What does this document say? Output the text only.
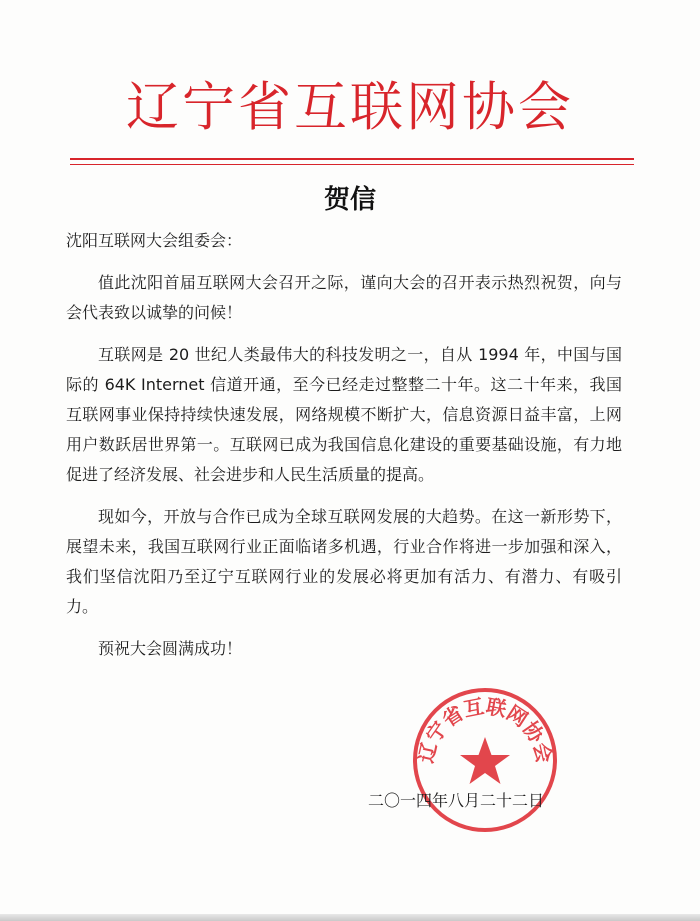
辽宁省互联网协会
贺信

沈阳互联网大会组委会：

值此沈阳首届互联网大会召开之际，谨向大会的召开表示热烈祝贺，向与会代表致以诚挚的问候！

互联网是 20 世纪人类最伟大的科技发明之一，自从 1994 年，中国与国际的 64K Internet 信道开通，至今已经走过整整二十年。这二十年来，我国互联网事业保持持续快速发展，网络规模不断扩大，信息资源日益丰富，上网用户数跃居世界第一。互联网已成为我国信息化建设的重要基础设施，有力地促进了经济发展、社会进步和人民生活质量的提高。

现如今，开放与合作已成为全球互联网发展的大趋势。在这一新形势下，展望未来，我国互联网行业正面临诸多机遇，行业合作将进一步加强和深入，我们坚信沈阳乃至辽宁互联网行业的发展必将更加有活力、有潜力、有吸引力。

预祝大会圆满成功！

辽宁省互联网协会
二〇一四年八月二十二日
